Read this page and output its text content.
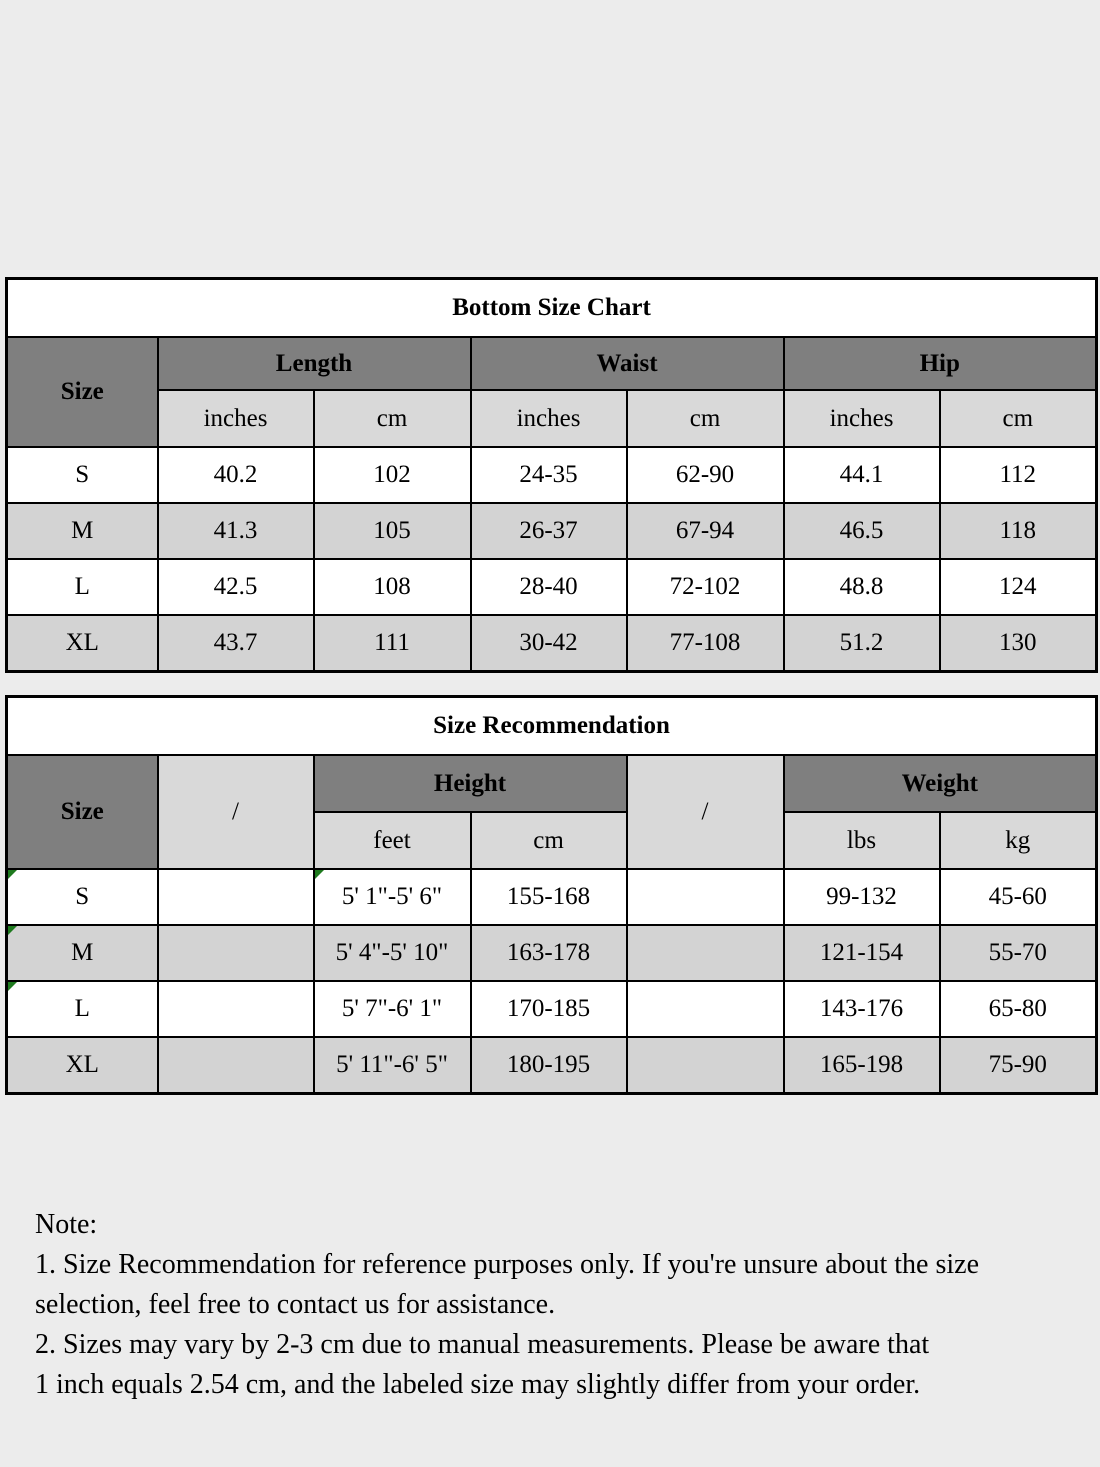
Bottom Size Chart						
Size	Length		Waist		Hip	
	inches	cm	inches	cm	inches	cm
S	40.2	102	24-35	62-90	44.1	112
M	41.3	105	26-37	67-94	46.5	118
L	42.5	108	28-40	72-102	48.8	124
XL	43.7	111	30-42	77-108	51.2	130
Size Recommendation						
Size	/	Height		/	Weight	
		feet	cm		lbs	kg
S		5' 1"-5' 6"	155-168		99-132	45-60
M		5' 4"-5' 10"	163-178		121-154	55-70
L		5' 7"-6' 1"	170-185		143-176	65-80
XL		5' 11"-6' 5"	180-195		165-198	75-90
Note:
1. Size Recommendation for reference purposes only. If you're unsure about the size
selection, feel free to contact us for assistance.
2. Sizes may vary by 2-3 cm due to manual measurements. Please be aware that
1 inch equals 2.54 cm, and the labeled size may slightly differ from your order.
